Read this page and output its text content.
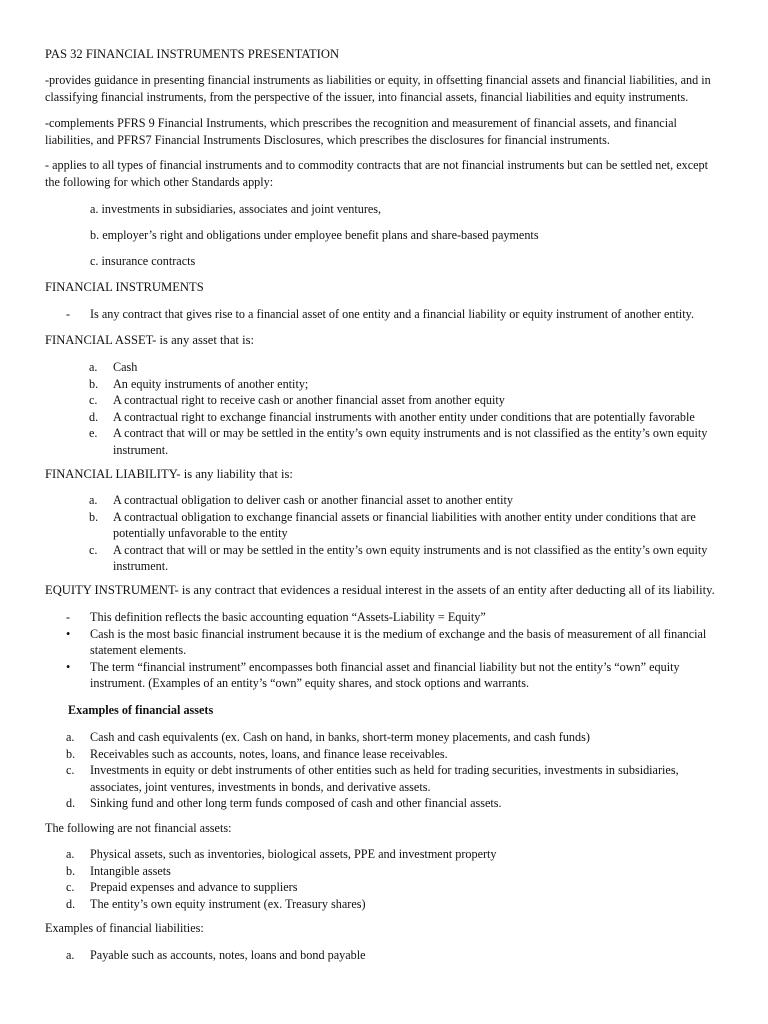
PAS 32 FINANCIAL INSTRUMENTS PRESENTATION

-provides guidance in presenting financial instruments as liabilities or equity, in offsetting financial assets and financial liabilities, and in classifying financial instruments, from the perspective of the issuer, into financial assets, financial liabilities and equity instruments.

-complements PFRS 9 Financial Instruments, which prescribes the recognition and measurement of financial assets, and financial liabilities, and PFRS7 Financial Instruments Disclosures, which prescribes the disclosures for financial instruments.

- applies to all types of financial instruments and to commodity contracts that are not financial instruments but can be settled net, except the following for which other Standards apply:

a. investments in subsidiaries, associates and joint ventures,

b. employer’s right and obligations under employee benefit plans and share-based payments

c. insurance contracts

FINANCIAL INSTRUMENTS

- Is any contract that gives rise to a financial asset of one entity and a financial liability or equity instrument of another entity.

FINANCIAL ASSET- is any asset that is:

a. Cash
b. An equity instruments of another entity;
c. A contractual right to receive cash or another financial asset from another equity
d. A contractual right to exchange financial instruments with another entity under conditions that are potentially favorable
e. A contract that will or may be settled in the entity’s own equity instruments and is not classified as the entity’s own equity instrument.

FINANCIAL LIABILITY- is any liability that is:

a. A contractual obligation to deliver cash or another financial asset to another entity
b. A contractual obligation to exchange financial assets or financial liabilities with another entity under conditions that are potentially unfavorable to the entity
c. A contract that will or may be settled in the entity’s own equity instruments and is not classified as the entity’s own equity instrument.

EQUITY INSTRUMENT- is any contract that evidences a residual interest in the assets of an entity after deducting all of its liability.

- This definition reflects the basic accounting equation “Assets-Liability = Equity”
• Cash is the most basic financial instrument because it is the medium of exchange and the basis of measurement of all financial statement elements.
• The term “financial instrument” encompasses both financial asset and financial liability but not the entity’s “own” equity instrument. (Examples of an entity’s “own” equity shares, and stock options and warrants.

Examples of financial assets

a. Cash and cash equivalents (ex. Cash on hand, in banks, short-term money placements, and cash funds)
b. Receivables such as accounts, notes, loans, and finance lease receivables.
c. Investments in equity or debt instruments of other entities such as held for trading securities, investments in subsidiaries, associates, joint ventures, investments in bonds, and derivative assets.
d. Sinking fund and other long term funds composed of cash and other financial assets.

The following are not financial assets:

a. Physical assets, such as inventories, biological assets, PPE and investment property
b. Intangible assets
c. Prepaid expenses and advance to suppliers
d. The entity’s own equity instrument (ex. Treasury shares)

Examples of financial liabilities:

a. Payable such as accounts, notes, loans and bond payable
